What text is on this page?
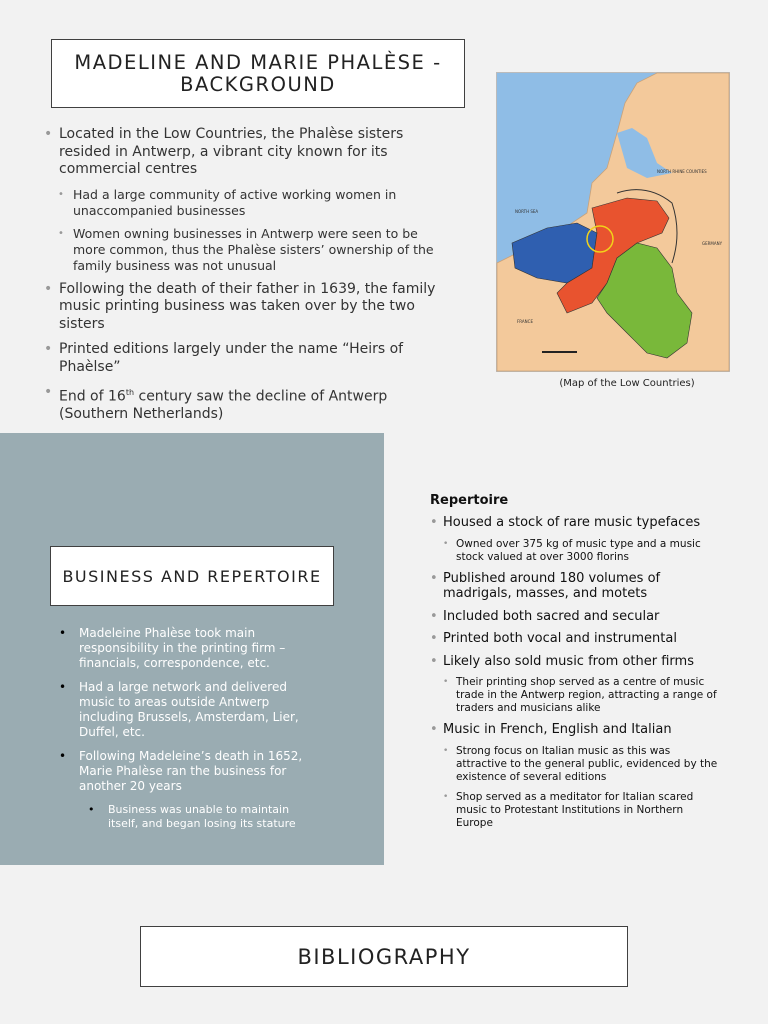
MADELINE AND MARIE PHALÈSE - BACKGROUND
• Located in the Low Countries, the Phalèse sisters resided in Antwerp, a vibrant city known for its commercial centres
• Had a large community of active working women in unaccompanied businesses
• Women owning businesses in Antwerp were seen to be more common, thus the Phalèse sisters’ ownership of the family business was not unusual
• Following the death of their father in 1639, the family music printing business was taken over by the two sisters
• Printed editions largely under the name “Heirs of Phaèlse”
• End of 16th century saw the decline of Antwerp (Southern Netherlands)
•
NORTH SEA
NORTH RHINE COUNTIES
GERMANY
FRANCE
(Map of the Low Countries)
BUSINESS AND REPERTOIRE
• Madeleine Phalèse took main responsibility in the printing firm – financials, correspondence, etc.
• Had a large network and delivered music to areas outside Antwerp including Brussels, Amsterdam, Lier, Duffel, etc.
• Following Madeleine’s death in 1652, Marie Phalèse ran the business for another 20 years
• Business was unable to maintain itself, and began losing its stature
Repertoire
• Housed a stock of rare music typefaces
• Owned over 375 kg of music type and a music stock valued at over 3000 florins
• Published around 180 volumes of madrigals, masses, and motets
• Included both sacred and secular
• Printed both vocal and instrumental
• Likely also sold music from other firms
• Their printing shop served as a centre of music trade in the Antwerp region, attracting a range of traders and musicians alike
• Music in French, English and Italian
• Strong focus on Italian music as this was attractive to the general public, evidenced by the existence of several editions
• Shop served as a meditator for Italian scared music to Protestant Institutions in Northern Europe
BIBLIOGRAPHY
